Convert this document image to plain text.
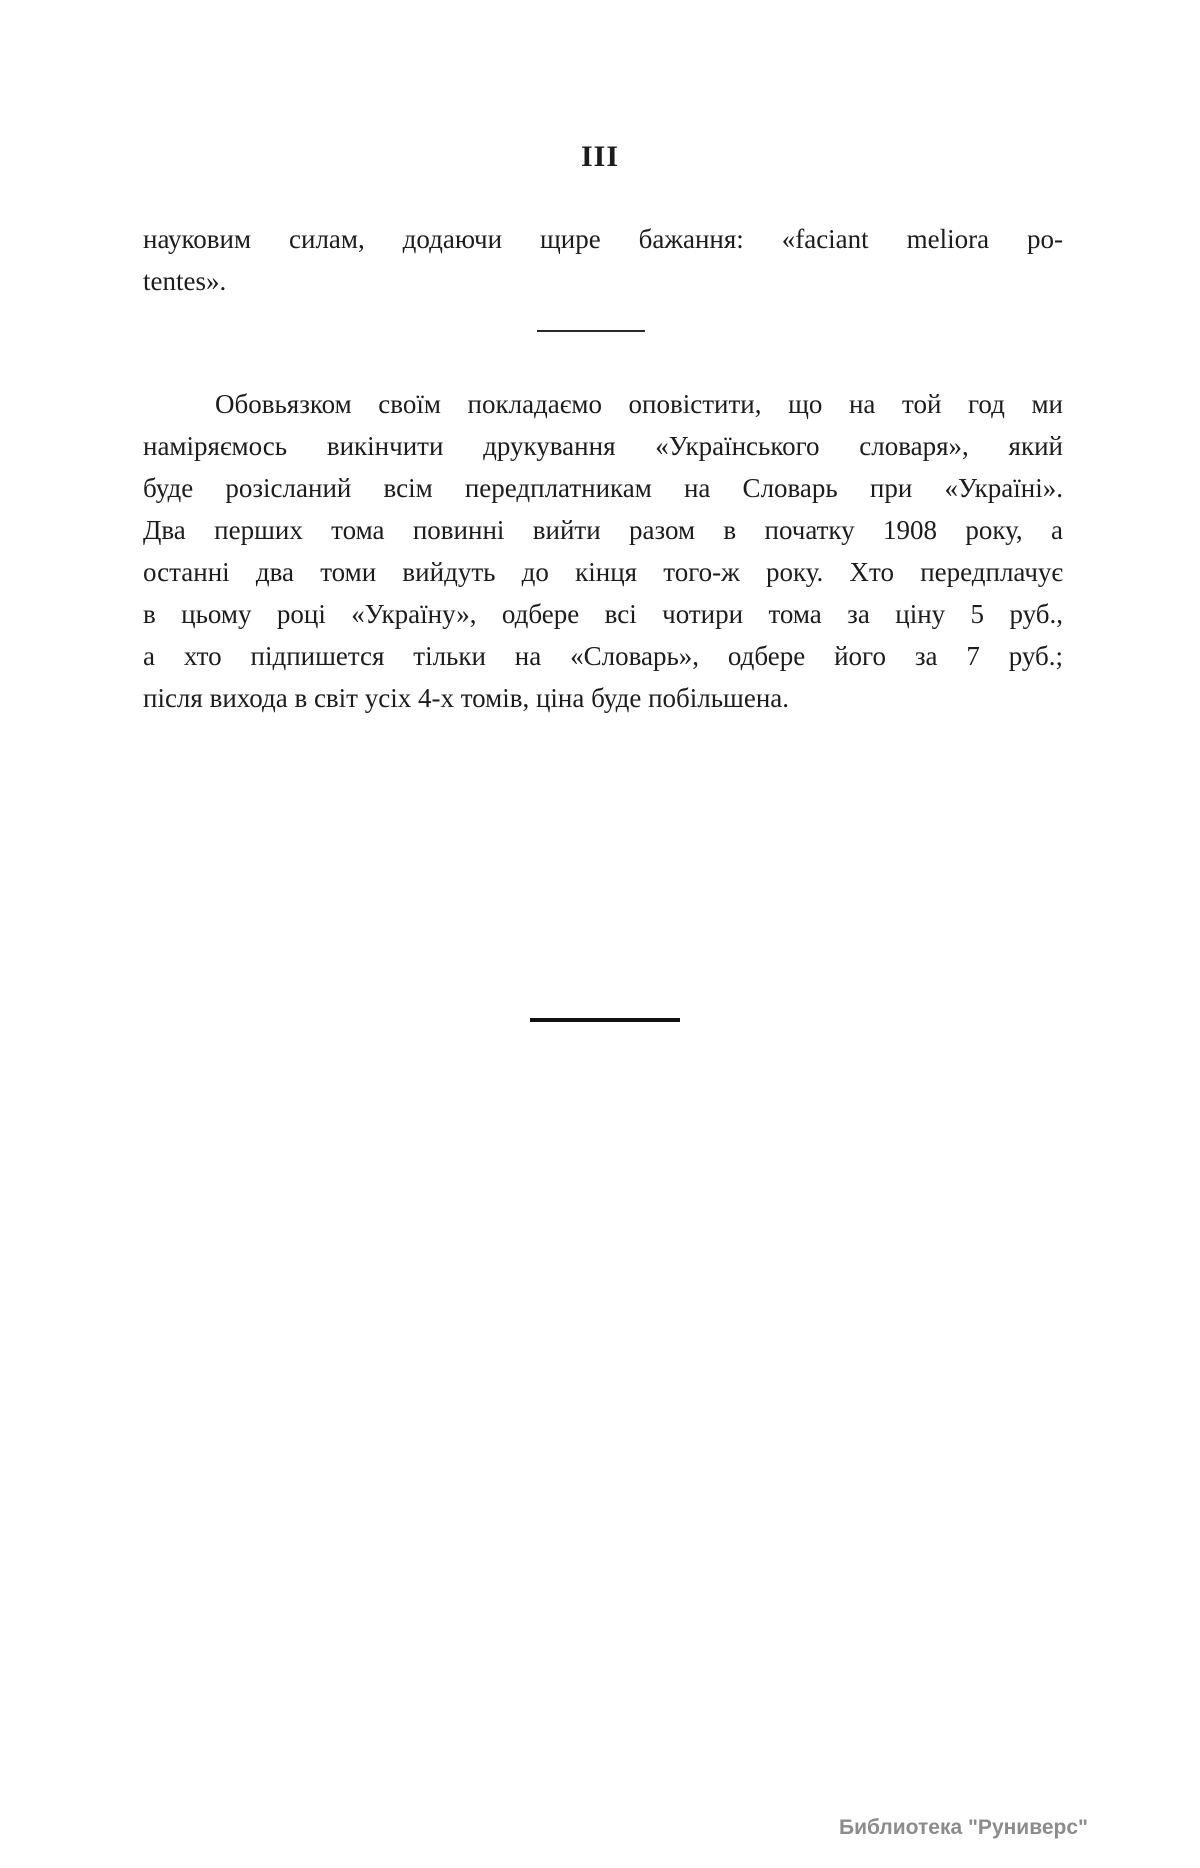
III
науковим силам, додаючи щире бажання: «faciant meliora po-
tentes».
Обовьязком своїм покладаємо оповістити, що на той год ми
наміряємось викінчити друкування «Українського словаря», який
буде розісланий всім передплатникам на Словарь при «Україні».
Два перших тома повинні вийти разом в початку 1908 року, а
останні два томи вийдуть до кінця того-ж року. Хто передплачує
в цьому році «Україну», одбере всі чотири тома за ціну 5 руб.,
а хто підпишется тільки на «Словарь», одбере його за 7 руб.;
після вихода в світ усіх 4-х томів, ціна буде побільшена.
Библиотека "Руниверс"
